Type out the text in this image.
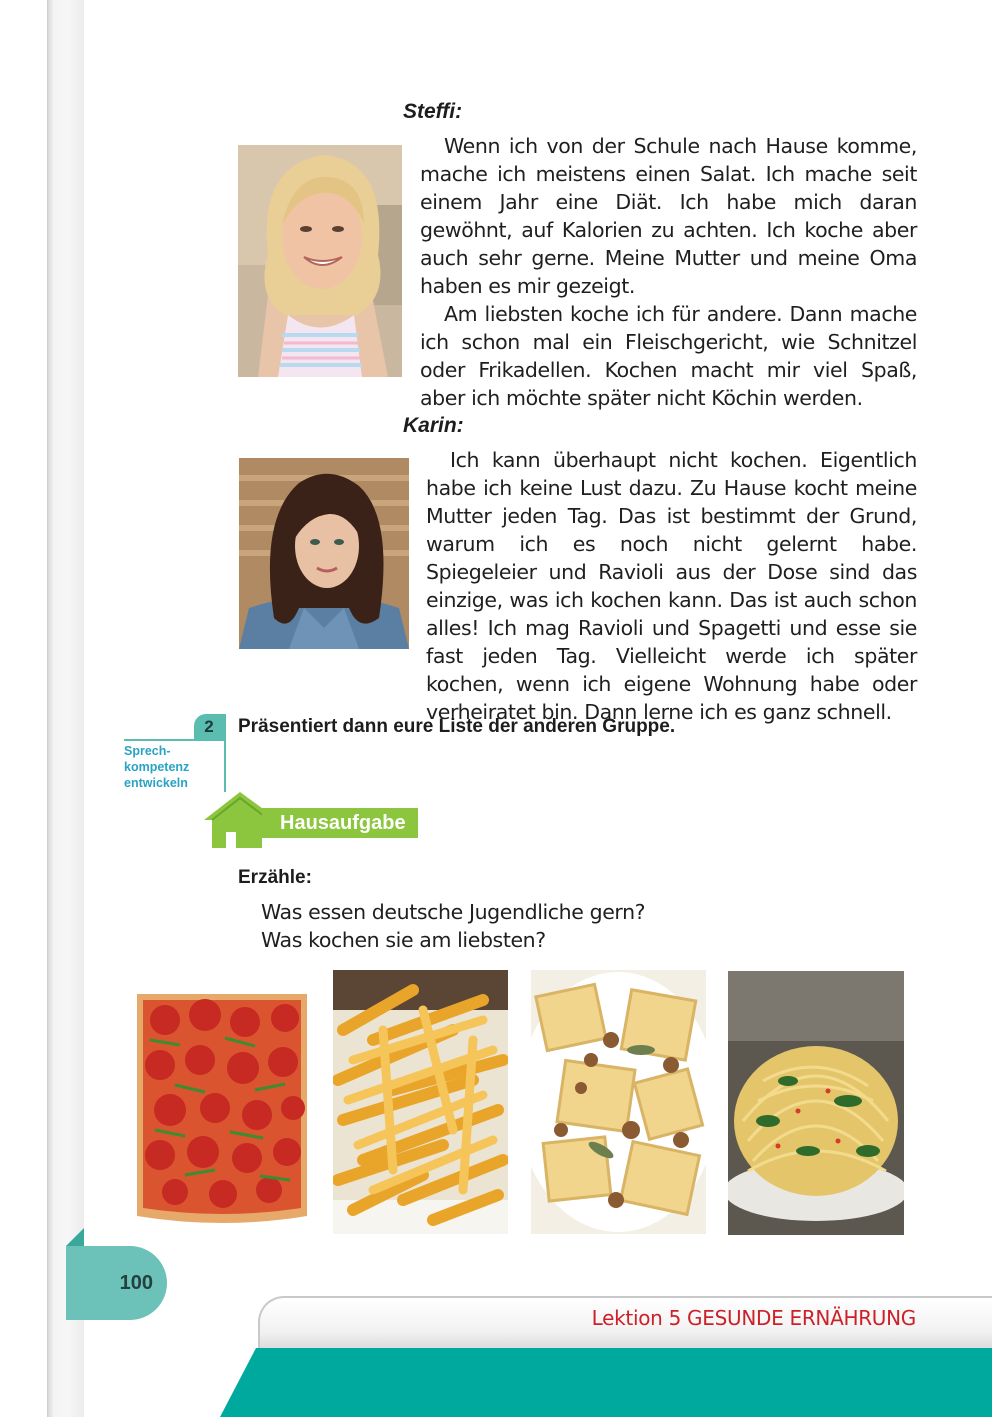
Steffi:

Wenn ich von der Schule nach Hause komme, mache ich meistens einen Salat. Ich mache seit einem Jahr eine Diät. Ich habe mich daran gewöhnt, auf Kalorien zu achten. Ich koche aber auch sehr gerne. Meine Mutter und meine Oma haben es mir gezeigt.

Am liebsten koche ich für andere. Dann mache ich schon mal ein Fleischgericht, wie Schnitzel oder Frikadellen. Kochen macht mir viel Spaß, aber ich möchte später nicht Köchin werden.

Karin:

Ich kann überhaupt nicht kochen. Eigentlich habe ich keine Lust dazu. Zu Hause kocht meine Mutter jeden Tag. Das ist bestimmt der Grund, warum ich es noch nicht gelernt habe. Spiegeleier und Ravioli aus der Dose sind das einzige, was ich kochen kann. Das ist auch schon alles! Ich mag Ravioli und Spagetti und esse sie fast jeden Tag. Vielleicht werde ich später kochen, wenn ich eigene Wohnung habe oder verheiratet bin. Dann lerne ich es ganz schnell.

2	Präsentiert dann eure Liste der anderen Gruppe.
Sprech-
kompetenz
entwickeln
Hausaufgabe
Erzähle:
Was essen deutsche Jugendliche gern?
Was kochen sie am liebsten?
100
Lektion 5 GESUNDE ERNÄHRUNG
